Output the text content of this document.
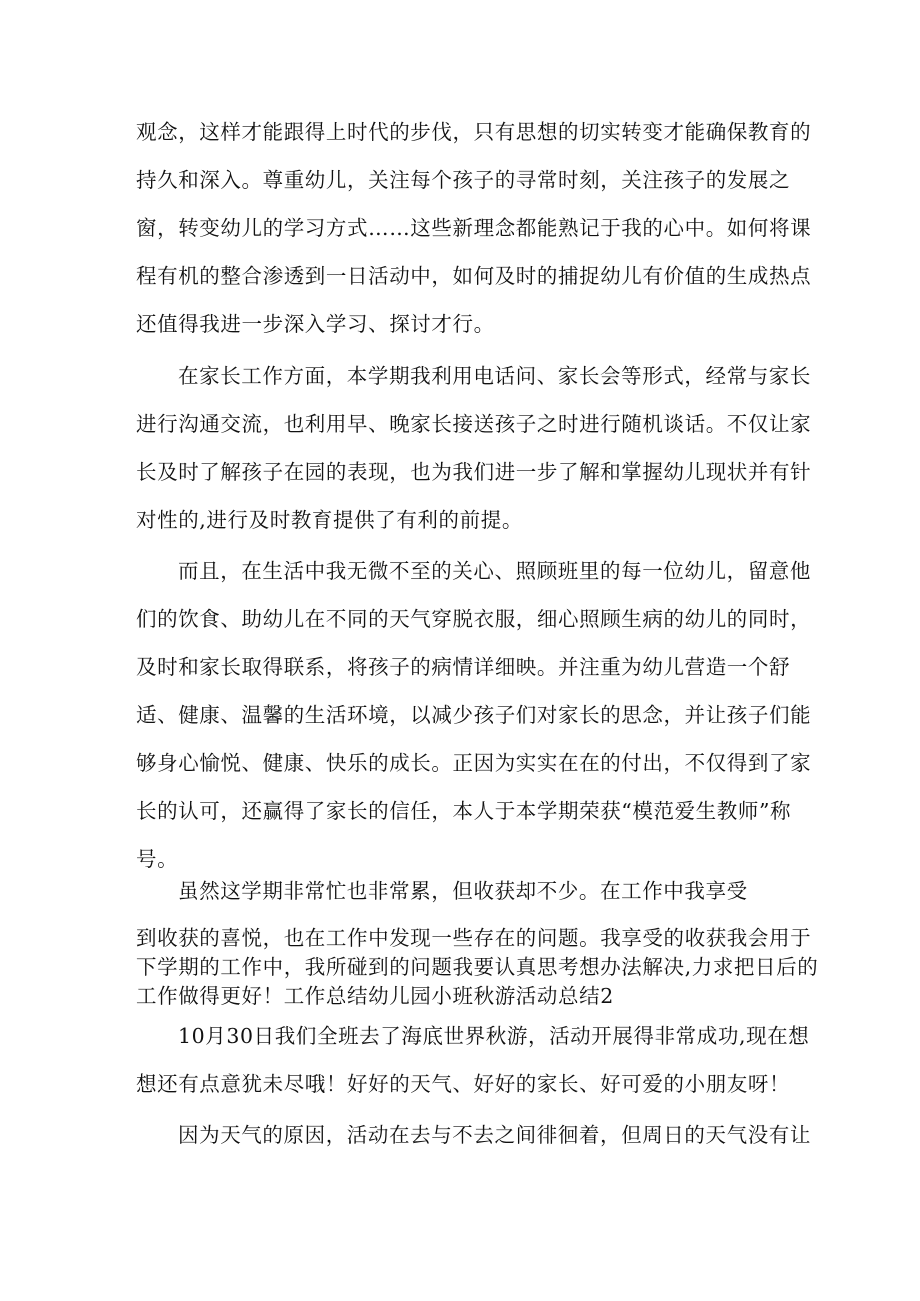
观念，这样才能跟得上时代的步伐，只有思想的切实转变才能确保教育的
持久和深入。尊重幼儿，关注每个孩子的寻常时刻，关注孩子的发展之
窗，转变幼儿的学习方式……这些新理念都能熟记于我的心中。如何将课
程有机的整合渗透到一日活动中，如何及时的捕捉幼儿有价值的生成热点
还值得我进一步深入学习、探讨才行。
在家长工作方面，本学期我利用电话问、家长会等形式，经常与家长
进行沟通交流，也利用早、晚家长接送孩子之时进行随机谈话。不仅让家
长及时了解孩子在园的表现，也为我们进一步了解和掌握幼儿现状并有针
对性的,进行及时教育提供了有利的前提。
而且，在生活中我无微不至的关心、照顾班里的每一位幼儿，留意他
们的饮食、助幼儿在不同的天气穿脱衣服，细心照顾生病的幼儿的同时，
及时和家长取得联系，将孩子的病情详细映。并注重为幼儿营造一个舒
适、健康、温馨的生活环境，以减少孩子们对家长的思念，并让孩子们能
够身心愉悦、健康、快乐的成长。正因为实实在在的付出，不仅得到了家
长的认可，还赢得了家长的信任，本人于本学期荣获“模范爱生教师”称
号。
虽然这学期非常忙也非常累，但收获却不少。在工作中我享受
到收获的喜悦，也在工作中发现一些存在的问题。我享受的收获我会用于
下学期的工作中，我所碰到的问题我要认真思考想办法解决,力求把日后的
工作做得更好！工作总结幼儿园小班秋游活动总结2
10月30日我们全班去了海底世界秋游，活动开展得非常成功,现在想
想还有点意犹未尽哦！好好的天气、好好的家长、好可爱的小朋友呀！
因为天气的原因，活动在去与不去之间徘徊着，但周日的天气没有让
